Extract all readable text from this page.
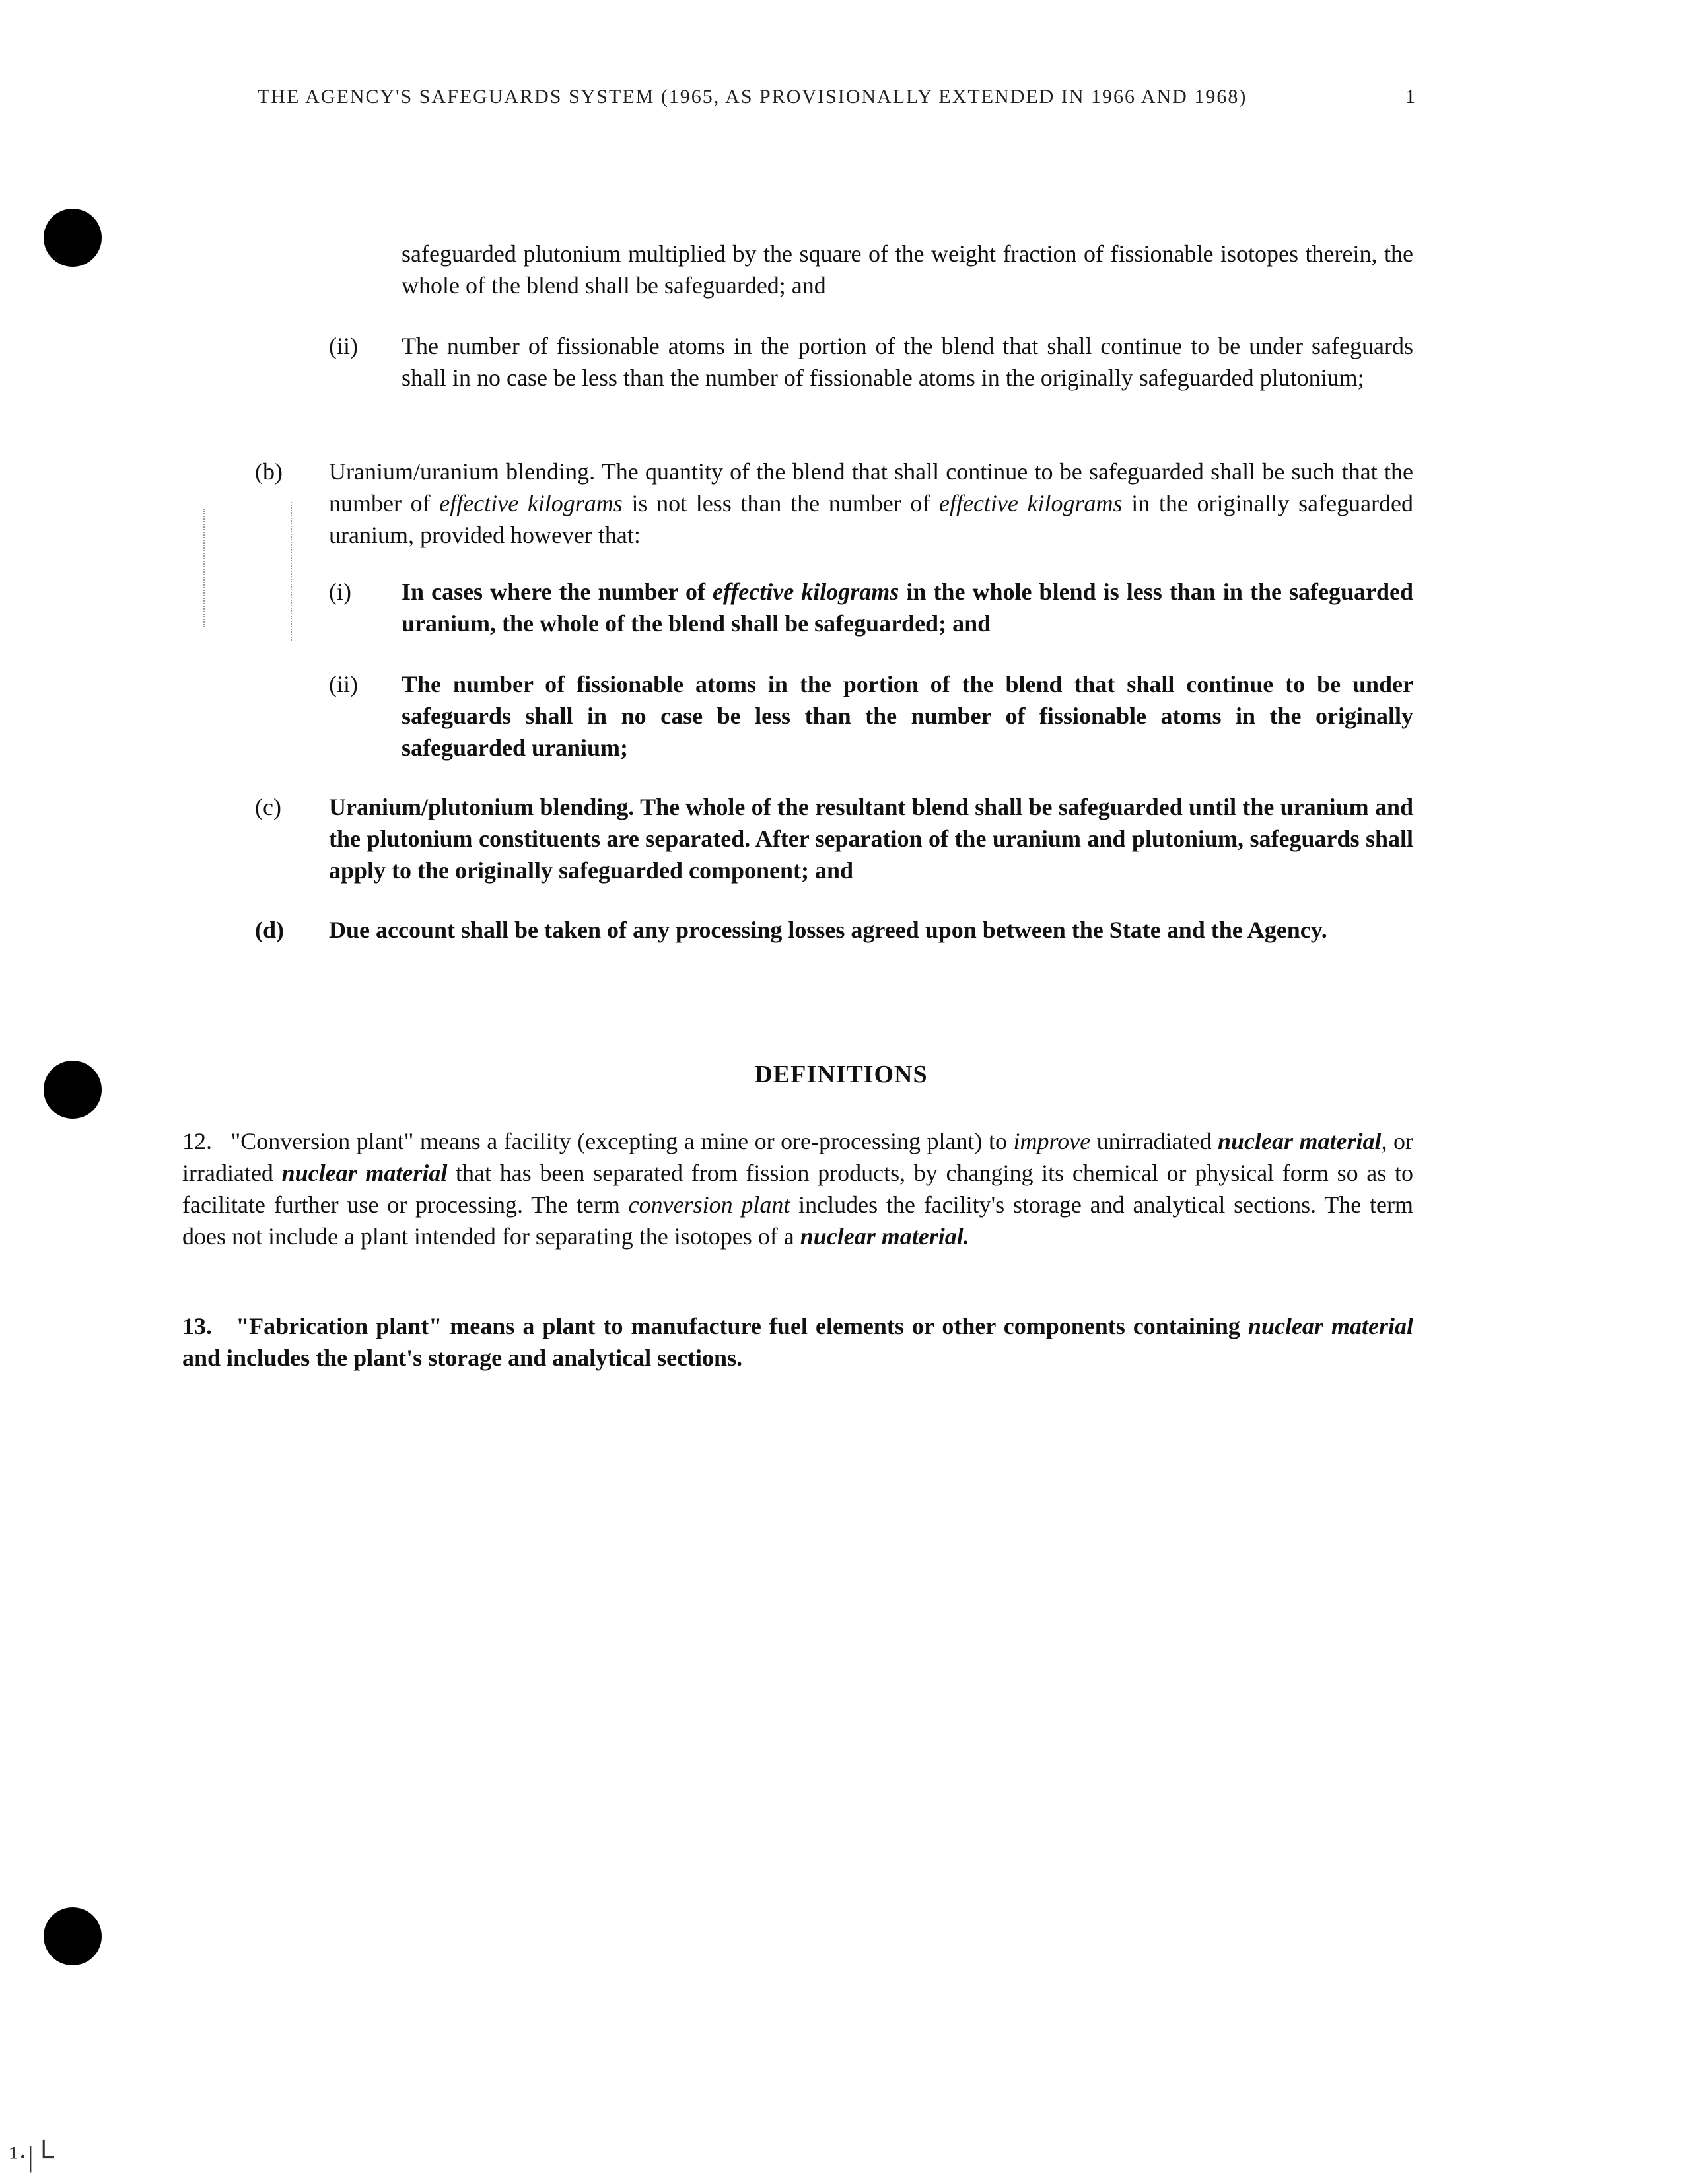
THE AGENCY'S SAFEGUARDS SYSTEM (1965, AS PROVISIONALLY EXTENDED IN 1966 AND 1968)	1
safeguarded plutonium multiplied by the square of the weight fraction of fissionable isotopes therein, the whole of the blend shall be safeguarded; and
(ii) The number of fissionable atoms in the portion of the blend that shall continue to be under safeguards shall in no case be less than the number of fissionable atoms in the originally safeguarded plutonium;
(b) Uranium/uranium blending. The quantity of the blend that shall continue to be safeguarded shall be such that the number of effective kilograms is not less than the number of effective kilograms in the originally safeguarded uranium, provided however that:
(i) In cases where the number of effective kilograms in the whole blend is less than in the safeguarded uranium, the whole of the blend shall be safeguarded; and
(ii) The number of fissionable atoms in the portion of the blend that shall continue to be under safeguards shall in no case be less than the number of fissionable atoms in the originally safeguarded uranium;
(c) Uranium/plutonium blending. The whole of the resultant blend shall be safeguarded until the uranium and the plutonium constituents are separated. After separation of the uranium and plutonium, safeguards shall apply to the originally safeguarded component; and
(d) Due account shall be taken of any processing losses agreed upon between the State and the Agency.
DEFINITIONS
12. "Conversion plant" means a facility (excepting a mine or ore-processing plant) to improve unirradiated nuclear material, or irradiated nuclear material that has been separated from fission products, by changing its chemical or physical form so as to facilitate further use or processing. The term conversion plant includes the facility's storage and analytical sections. The term does not include a plant intended for separating the isotopes of a nuclear material.
13. "Fabrication plant" means a plant to manufacture fuel elements or other components containing nuclear material and includes the plant's storage and analytical sections.
¹·|└
